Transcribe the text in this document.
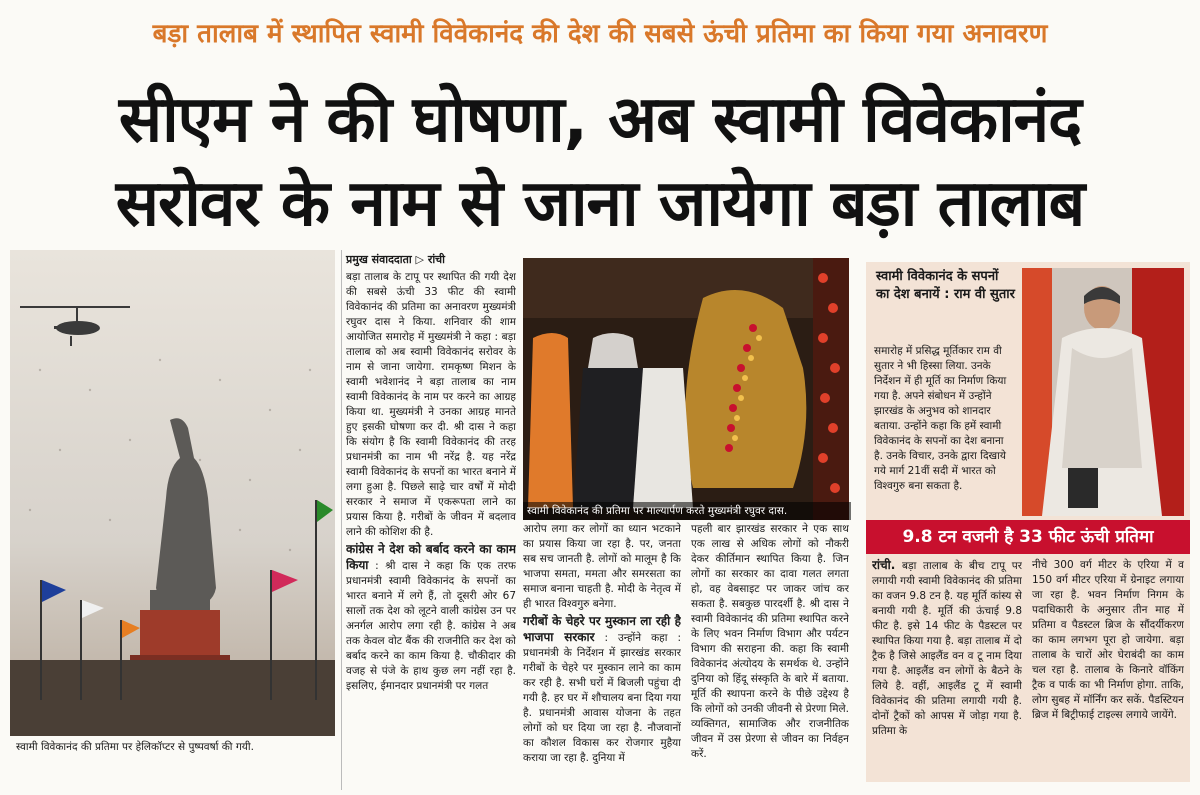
बड़ा तालाब में स्थापित स्वामी विवेकानंद की देश की सबसे ऊंची प्रतिमा का किया गया अनावरण
सीएम ने की घोषणा, अब स्वामी विवेकानंद
सरोवर के नाम से जाना जायेगा बड़ा तालाब
स्वामी विवेकानंद की प्रतिमा पर हेलिकॉप्टर से पुष्पवर्षा की गयी.
प्रमुख संवाददाता ▷ रांची

बड़ा तालाब के टापू पर स्थापित की गयी देश की सबसे ऊंची 33 फीट की स्वामी विवेकानंद की प्रतिमा का अनावरण मुख्यमंत्री रघुवर दास ने किया. शनिवार की शाम आयोजित समारोह में मुख्यमंत्री ने कहा : बड़ा तालाब को अब स्वामी विवेकानंद सरोवर के नाम से जाना जायेगा. रामकृष्ण मिशन के स्वामी भवेशानंद ने बड़ा तालाब का नाम स्वामी विवेकानंद के नाम पर करने का आग्रह किया था. मुख्यमंत्री ने उनका आग्रह मानते हुए इसकी घोषणा कर दी. श्री दास ने कहा कि संयोग है कि स्वामी विवेकानंद की तरह प्रधानमंत्री का नाम भी नरेंद्र है. यह नरेंद्र स्वामी विवेकानंद के सपनों का भारत बनाने में लगा हुआ है. पिछले साढ़े चार वर्षों में मोदी सरकार ने समाज में एकरूपता लाने का प्रयास किया है. गरीबों के जीवन में बदलाव लाने की कोशिश की है.

कांग्रेस ने देश को बर्बाद करने का काम किया : श्री दास ने कहा कि एक तरफ प्रधानमंत्री स्वामी विवेकानंद के सपनों का भारत बनाने में लगे हैं, तो दूसरी ओर 67 सालों तक देश को लूटने वाली कांग्रेस उन पर अनर्गल आरोप लगा रही है. कांग्रेस ने अब तक केवल वोट बैंक की राजनीति कर देश को बर्बाद करने का काम किया है. चौकीदार की वजह से पंजे के हाथ कुछ लग नहीं रहा है. इसलिए, ईमानदार प्रधानमंत्री पर गलत

स्वामी विवेकानंद की प्रतिमा पर माल्यार्पण करते मुख्यमंत्री रघुवर दास.

आरोप लगा कर लोगों का ध्यान भटकाने का प्रयास किया जा रहा है. पर, जनता सब सच जानती है. लोगों को मालूम है कि भाजपा समता, ममता और समरसता का समाज बनाना चाहती है. मोदी के नेतृत्व में ही भारत विश्वगुरु बनेगा.

गरीबों के चेहरे पर मुस्कान ला रही है भाजपा सरकार : उन्होंने कहा : प्रधानमंत्री के निर्देशन में झारखंड सरकार गरीबों के चेहरे पर मुस्कान लाने का काम कर रही है. सभी घरों में बिजली पहुंचा दी गयी है. हर घर में शौचालय बना दिया गया है. प्रधानमंत्री आवास योजना के तहत लोगों को घर दिया जा रहा है. नौजवानों का कौशल विकास कर रोजगार मुहैया कराया जा रहा है. दुनिया में

पहली बार झारखंड सरकार ने एक साथ एक लाख से अधिक लोगों को नौकरी देकर कीर्तिमान स्थापित किया है. जिन लोगों का सरकार का दावा गलत लगता हो, वह वेबसाइट पर जाकर जांच कर सकता है. सबकुछ पारदर्शी है. श्री दास ने स्वामी विवेकानंद की प्रतिमा स्थापित करने के लिए भवन निर्माण विभाग और पर्यटन विभाग की सराहना की. कहा कि स्वामी विवेकानंद अंत्योदय के समर्थक थे. उन्होंने दुनिया को हिंदू संस्कृति के बारे में बताया. मूर्ति की स्थापना करने के पीछे उद्देश्य है कि लोगों को उनकी जीवनी से प्रेरणा मिले. व्यक्तिगत, सामाजिक और राजनीतिक जीवन में उस प्रेरणा से जीवन का निर्वहन करें.

स्वामी विवेकानंद के सपनों का देश बनायें : राम वी सुतार
समारोह में प्रसिद्ध मूर्तिकार राम वी सुतार ने भी हिस्सा लिया. उनके निर्देशन में ही मूर्ति का निर्माण किया गया है. अपने संबोधन में उन्होंने झारखंड के अनुभव को शानदार बताया. उन्होंने कहा कि हमें स्वामी विवेकानंद के सपनों का देश बनाना है. उनके विचार, उनके द्वारा दिखाये गये मार्ग 21वीं सदी में भारत को विश्वगुरु बना सकता है.
9.8 टन वजनी है 33 फीट ऊंची प्रतिमा

रांची. बड़ा तालाब के बीच टापू पर लगायी गयी स्वामी विवेकानंद की प्रतिमा का वजन 9.8 टन है. यह मूर्ति कांस्य से बनायी गयी है. मूर्ति की ऊंचाई 9.8 फीट है. इसे 14 फीट के पैडस्टल पर स्थापित किया गया है. बड़ा तालाब में दो ट्रैक है जिसे आइलैंड वन व टू नाम दिया गया है. आइलैंड वन लोगों के बैठने के लिये है. वहीं, आइलैंड टू में स्वामी विवेकानंद की प्रतिमा लगायी गयी है. दोनों ट्रैकों को आपस में जोड़ा गया है. प्रतिमा के

नीचे 300 वर्ग मीटर के एरिया में व 150 वर्ग मीटर एरिया में ग्रेनाइट लगाया जा रहा है. भवन निर्माण निगम के पदाधिकारी के अनुसार तीन माह में प्रतिमा व पैडस्टल ब्रिज के सौंदर्यीकरण का काम लगभग पूरा हो जायेगा. बड़ा तालाब के चारों ओर घेराबंदी का काम चल रहा है. तालाब के किनारे वॉकिंग ट्रैक व पार्क का भी निर्माण होगा. ताकि, लोग सुबह में मॉर्निंग कर सकें. पैडस्टियन ब्रिज में बिट्रीफाई टाइल्स लगाये जायेंगे.
